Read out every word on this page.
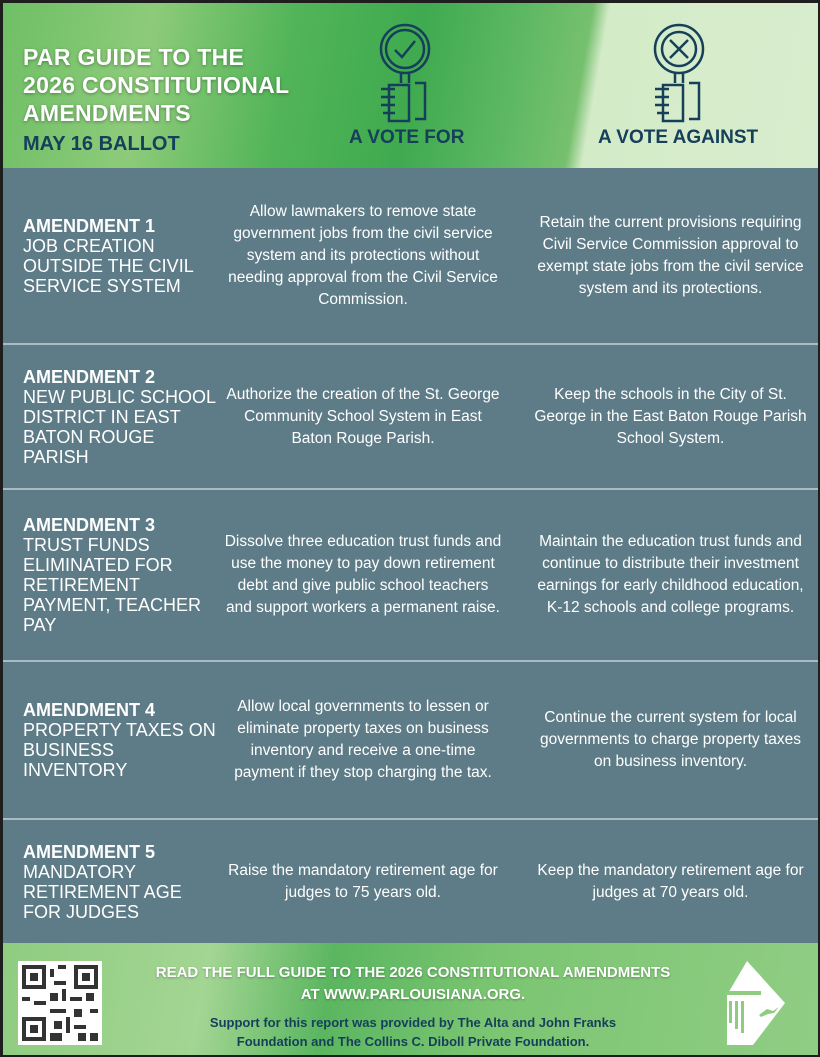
PAR GUIDE TO THE
2026 CONSTITUTIONAL
AMENDMENTS
MAY 16 BALLOT	A VOTE FOR	A VOTE AGAINST
AMENDMENT 1
JOB CREATION OUTSIDE THE CIVIL SERVICE SYSTEM
Allow lawmakers to remove state government jobs from the civil service system and its protections without needing approval from the Civil Service Commission.
Retain the current provisions requiring Civil Service Commission approval to exempt state jobs from the civil service system and its protections.
AMENDMENT 2
NEW PUBLIC SCHOOL DISTRICT IN EAST BATON ROUGE PARISH
Authorize the creation of the St. George Community School System in East Baton Rouge Parish.
Keep the schools in the City of St. George in the East Baton Rouge Parish School System.
AMENDMENT 3
TRUST FUNDS ELIMINATED FOR RETIREMENT PAYMENT, TEACHER PAY
Dissolve three education trust funds and use the money to pay down retirement debt and give public school teachers and support workers a permanent raise.
Maintain the education trust funds and continue to distribute their investment earnings for early childhood education, K-12 schools and college programs.
AMENDMENT 4
PROPERTY TAXES ON BUSINESS INVENTORY
Allow local governments to lessen or eliminate property taxes on business inventory and receive a one-time payment if they stop charging the tax.
Continue the current system for local governments to charge property taxes on business inventory.
AMENDMENT 5
MANDATORY RETIREMENT AGE FOR JUDGES
Raise the mandatory retirement age for judges to 75 years old.
Keep the mandatory retirement age for judges at 70 years old.
READ THE FULL GUIDE TO THE 2026 CONSTITUTIONAL AMENDMENTS
AT WWW.PARLOUISIANA.ORG.
Support for this report was provided by The Alta and John Franks
Foundation and The Collins C. Diboll Private Foundation.
